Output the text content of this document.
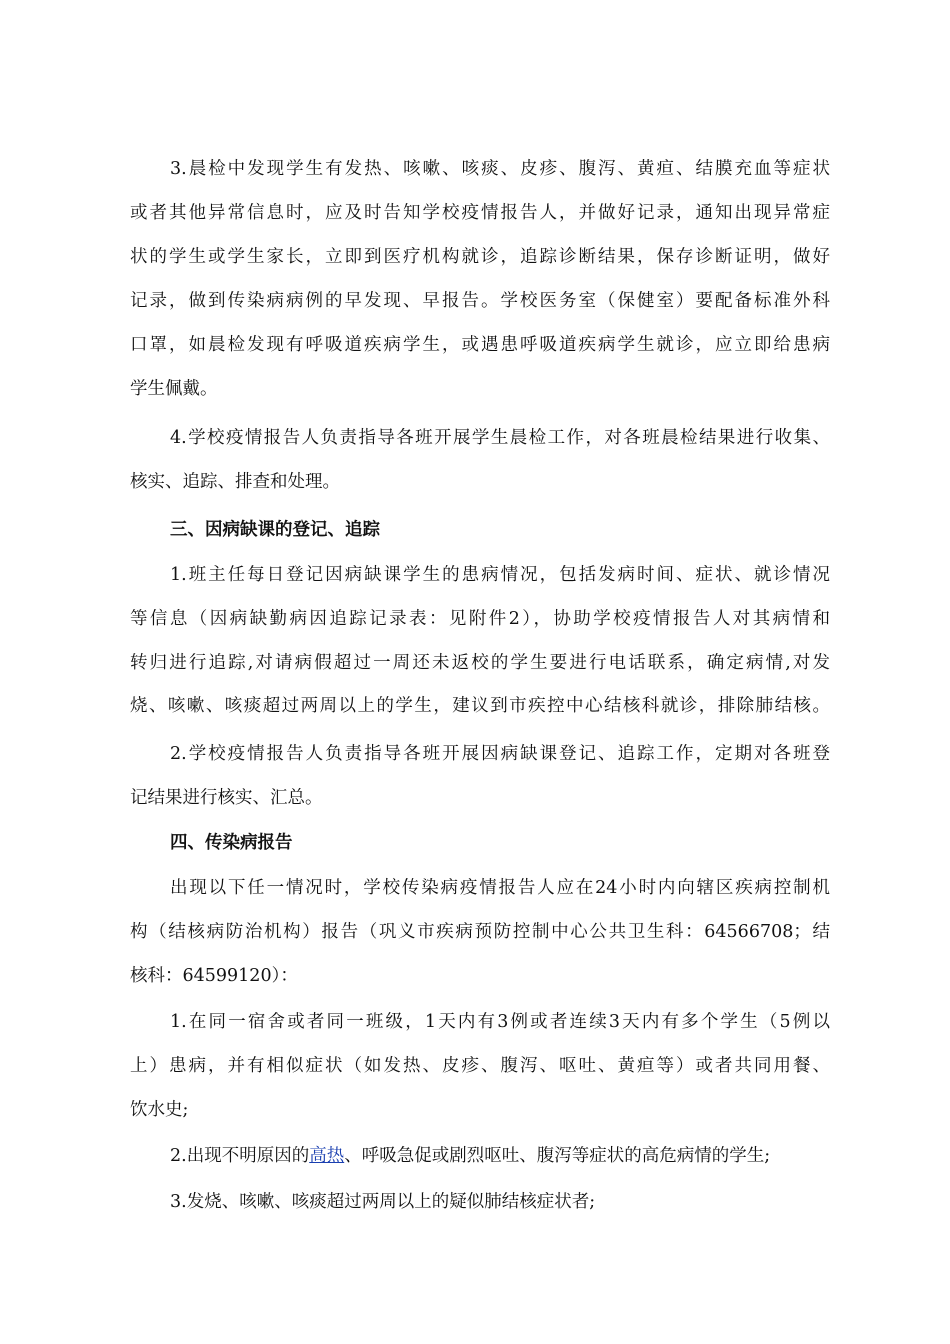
3.晨检中发现学生有发热、咳嗽、咳痰、皮疹、腹泻、黄疸、结膜充血等症状
或者其他异常信息时，应及时告知学校疫情报告人，并做好记录，通知出现异常症
状的学生或学生家长，立即到医疗机构就诊，追踪诊断结果，保存诊断证明，做好
记录，做到传染病病例的早发现、早报告。学校医务室（保健室）要配备标准外科
口罩，如晨检发现有呼吸道疾病学生，或遇患呼吸道疾病学生就诊，应立即给患病
学生佩戴。
4.学校疫情报告人负责指导各班开展学生晨检工作，对各班晨检结果进行收集、
核实、追踪、排查和处理。
三、因病缺课的登记、追踪
1.班主任每日登记因病缺课学生的患病情况，包括发病时间、症状、就诊情况
等信息（因病缺勤病因追踪记录表：见附件2），协助学校疫情报告人对其病情和
转归进行追踪,对请病假超过一周还未返校的学生要进行电话联系，确定病情,对发
烧、咳嗽、咳痰超过两周以上的学生，建议到市疾控中心结核科就诊，排除肺结核。
2.学校疫情报告人负责指导各班开展因病缺课登记、追踪工作，定期对各班登
记结果进行核实、汇总。
四、传染病报告
出现以下任一情况时，学校传染病疫情报告人应在24小时内向辖区疾病控制机
构（结核病防治机构）报告（巩义市疾病预防控制中心公共卫生科：64566708；结
核科：64599120）：
1.在同一宿舍或者同一班级，1天内有3例或者连续3天内有多个学生（5例以
上）患病，并有相似症状（如发热、皮疹、腹泻、呕吐、黄疸等）或者共同用餐、
饮水史;
2.出现不明原因的高热、呼吸急促或剧烈呕吐、腹泻等症状的高危病情的学生;
3.发烧、咳嗽、咳痰超过两周以上的疑似肺结核症状者;
